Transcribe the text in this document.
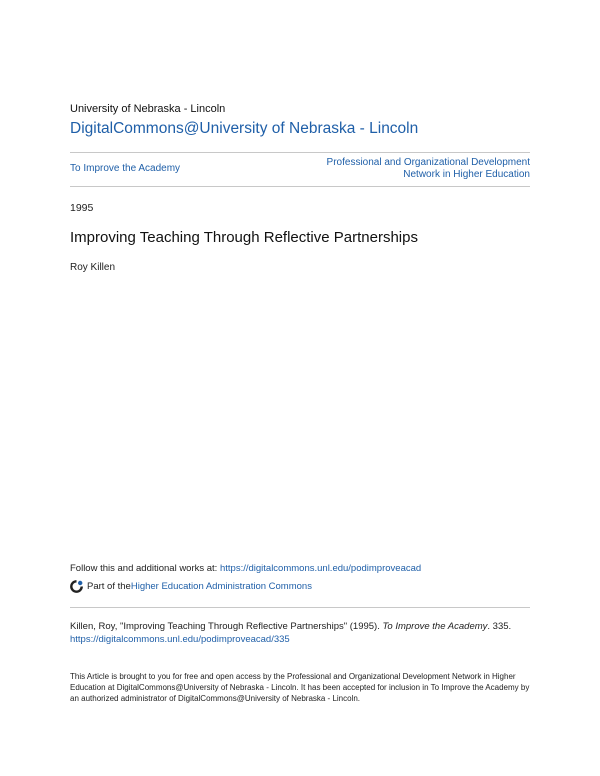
University of Nebraska - Lincoln
DigitalCommons@University of Nebraska - Lincoln
To Improve the Academy
Professional and Organizational Development Network in Higher Education
1995
Improving Teaching Through Reflective Partnerships
Roy Killen
Follow this and additional works at: https://digitalcommons.unl.edu/podimproveacad
Part of the Higher Education Administration Commons
Killen, Roy, "Improving Teaching Through Reflective Partnerships" (1995). To Improve the Academy. 335.
https://digitalcommons.unl.edu/podimproveacad/335
This Article is brought to you for free and open access by the Professional and Organizational Development Network in Higher Education at DigitalCommons@University of Nebraska - Lincoln. It has been accepted for inclusion in To Improve the Academy by an authorized administrator of DigitalCommons@University of Nebraska - Lincoln.
